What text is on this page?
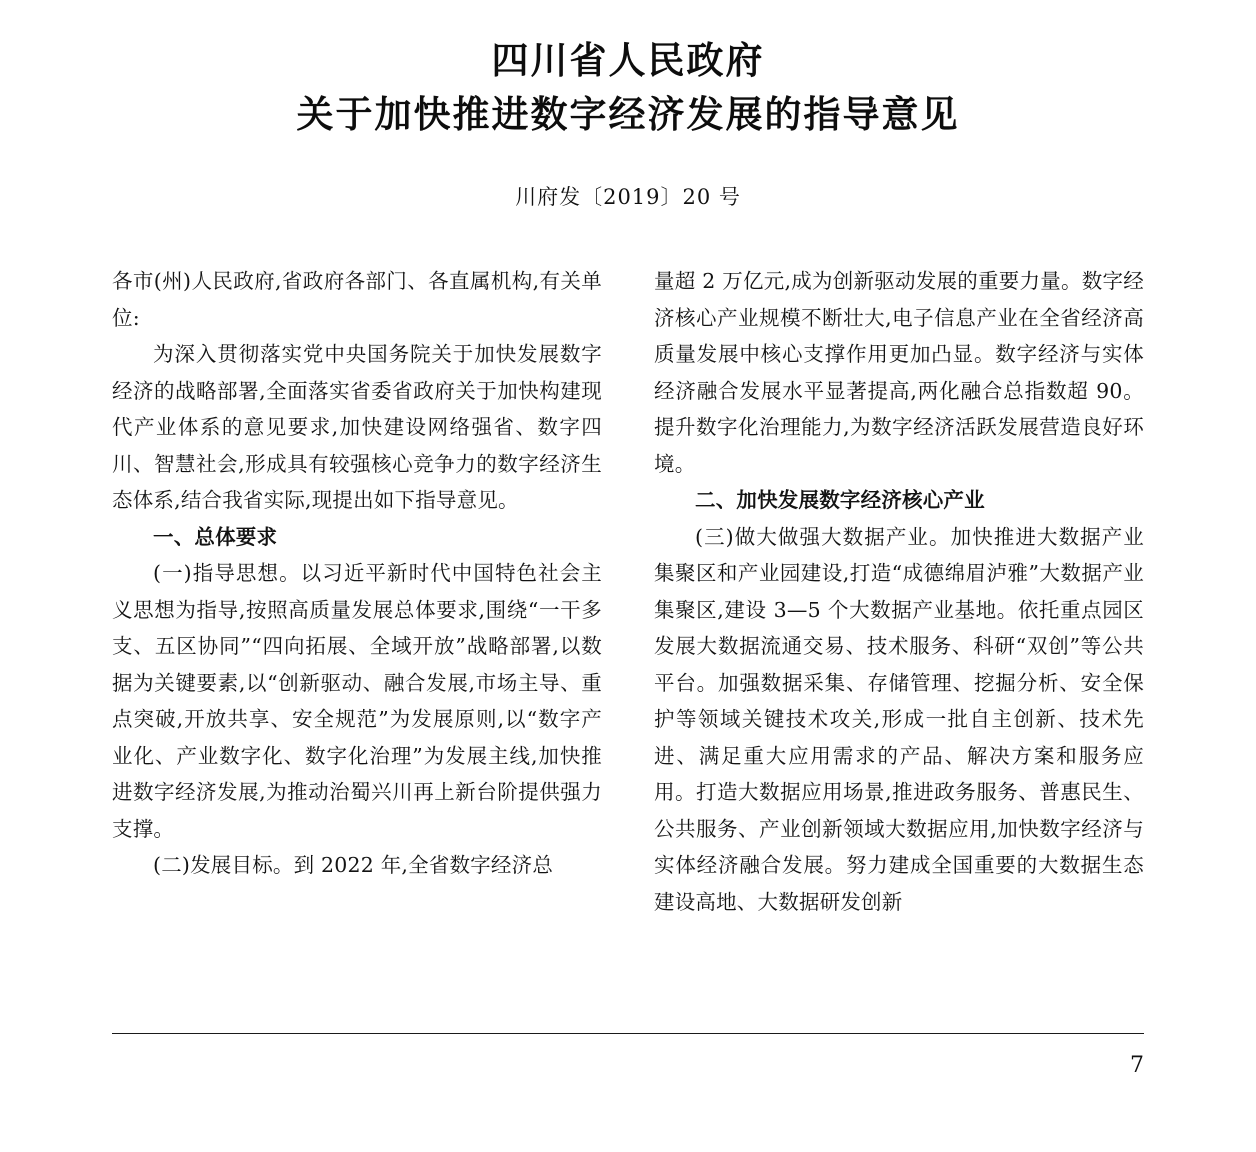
四川省人民政府
关于加快推进数字经济发展的指导意见
川府发〔2019〕20 号

各市(州)人民政府,省政府各部门、各直属机构,有关单位:

为深入贯彻落实党中央国务院关于加快发展数字经济的战略部署,全面落实省委省政府关于加快构建现代产业体系的意见要求,加快建设网络强省、数字四川、智慧社会,形成具有较强核心竞争力的数字经济生态体系,结合我省实际,现提出如下指导意见。

一、总体要求

(一)指导思想。以习近平新时代中国特色社会主义思想为指导,按照高质量发展总体要求,围绕“一干多支、五区协同”“四向拓展、全域开放”战略部署,以数据为关键要素,以“创新驱动、融合发展,市场主导、重点突破,开放共享、安全规范”为发展原则,以“数字产业化、产业数字化、数字化治理”为发展主线,加快推进数字经济发展,为推动治蜀兴川再上新台阶提供强力支撑。

(二)发展目标。到 2022 年,全省数字经济总

量超 2 万亿元,成为创新驱动发展的重要力量。数字经济核心产业规模不断壮大,电子信息产业在全省经济高质量发展中核心支撑作用更加凸显。数字经济与实体经济融合发展水平显著提高,两化融合总指数超 90。提升数字化治理能力,为数字经济活跃发展营造良好环境。

二、加快发展数字经济核心产业

(三)做大做强大数据产业。加快推进大数据产业集聚区和产业园建设,打造“成德绵眉泸雅”大数据产业集聚区,建设 3—5 个大数据产业基地。依托重点园区发展大数据流通交易、技术服务、科研“双创”等公共平台。加强数据采集、存储管理、挖掘分析、安全保护等领域关键技术攻关,形成一批自主创新、技术先进、满足重大应用需求的产品、解决方案和服务应用。打造大数据应用场景,推进政务服务、普惠民生、公共服务、产业创新领域大数据应用,加快数字经济与实体经济融合发展。努力建成全国重要的大数据生态建设高地、大数据研发创新

7
